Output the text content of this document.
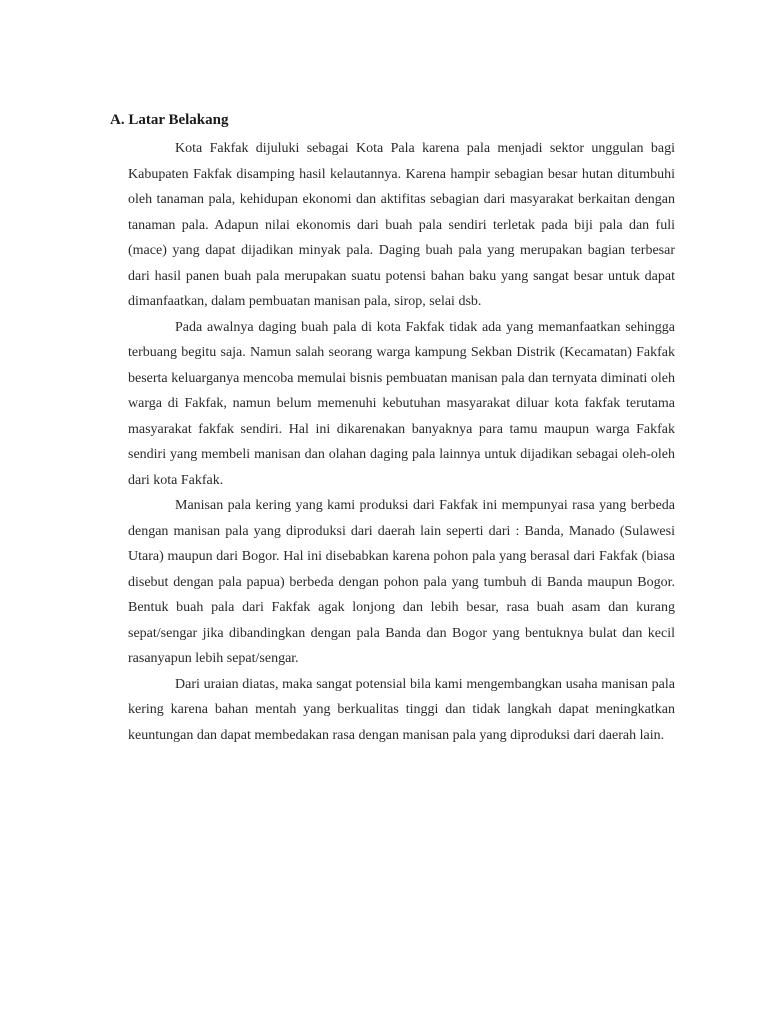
A. Latar Belakang

Kota Fakfak dijuluki sebagai Kota Pala karena pala menjadi sektor unggulan bagi Kabupaten Fakfak disamping hasil kelautannya. Karena hampir sebagian besar hutan ditumbuhi oleh tanaman pala, kehidupan ekonomi dan aktifitas sebagian dari masyarakat berkaitan dengan tanaman pala. Adapun nilai ekonomis dari buah pala sendiri terletak pada biji pala dan fuli (mace) yang dapat dijadikan minyak pala. Daging buah pala yang merupakan bagian terbesar dari hasil panen buah pala merupakan suatu potensi bahan baku yang sangat besar untuk dapat dimanfaatkan, dalam pembuatan manisan pala, sirop, selai dsb.

Pada awalnya daging buah pala di kota Fakfak tidak ada yang memanfaatkan sehingga terbuang begitu saja. Namun salah seorang warga kampung Sekban Distrik (Kecamatan) Fakfak beserta keluarganya mencoba memulai bisnis pembuatan manisan pala dan ternyata diminati oleh warga di Fakfak, namun belum memenuhi kebutuhan masyarakat diluar kota fakfak terutama masyarakat fakfak sendiri. Hal ini dikarenakan banyaknya para tamu maupun warga Fakfak sendiri yang membeli manisan dan olahan daging pala lainnya untuk dijadikan sebagai oleh-oleh dari kota Fakfak.

Manisan pala kering yang kami produksi dari Fakfak ini mempunyai rasa yang berbeda dengan manisan pala yang diproduksi dari daerah lain seperti dari : Banda, Manado (Sulawesi Utara) maupun dari Bogor. Hal ini disebabkan karena pohon pala yang berasal dari Fakfak (biasa disebut dengan pala papua) berbeda dengan pohon pala yang tumbuh di Banda maupun Bogor. Bentuk buah pala dari Fakfak agak lonjong dan lebih besar, rasa buah asam dan kurang sepat/sengar jika dibandingkan dengan pala Banda dan Bogor yang bentuknya bulat dan kecil rasanyapun lebih sepat/sengar.

Dari uraian diatas, maka sangat potensial bila kami mengembangkan usaha manisan pala kering karena bahan mentah yang berkualitas tinggi dan tidak langkah dapat meningkatkan keuntungan dan dapat membedakan rasa dengan manisan pala yang diproduksi dari daerah lain.
